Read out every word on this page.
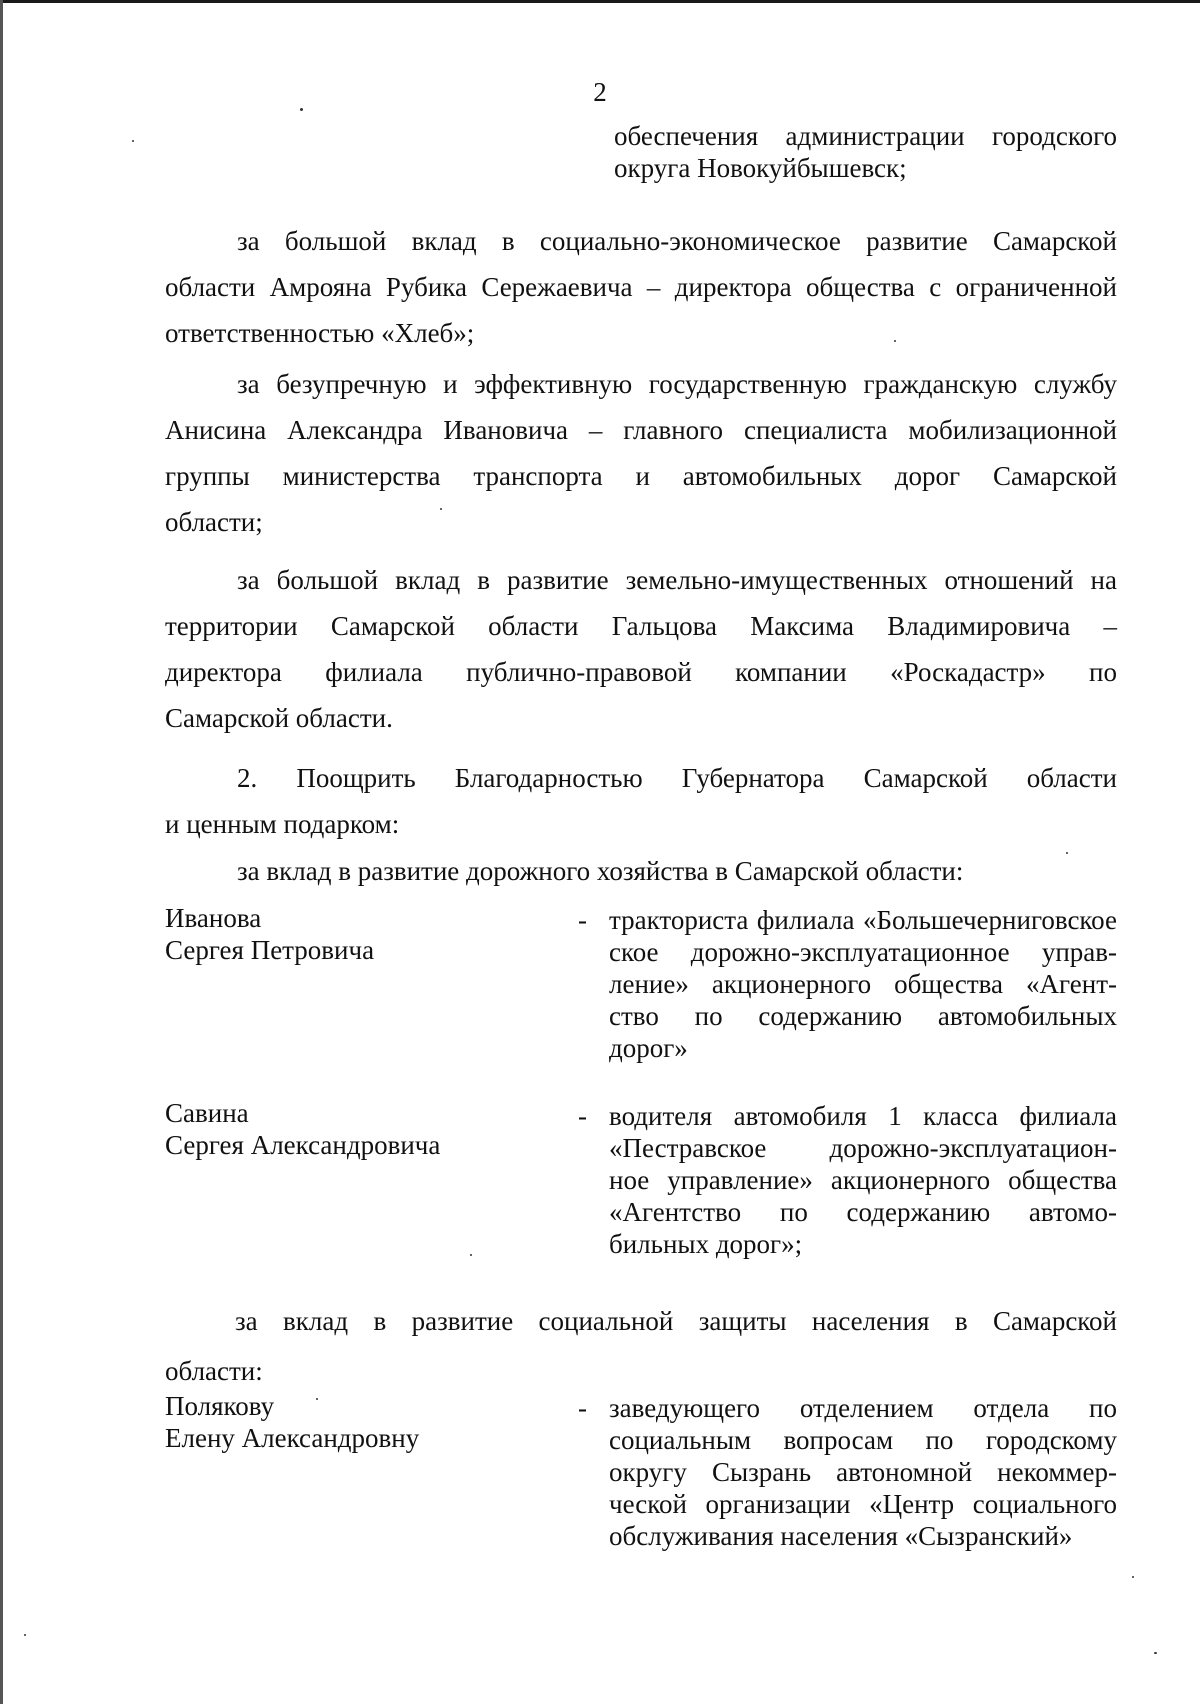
2
обеспечения администрации городского
округа Новокуйбышевск;
за большой вклад в социально-экономическое развитие Самарской
области Амрояна Рубика Сережаевича – директора общества с ограниченной
ответственностью «Хлеб»;
за безупречную и эффективную государственную гражданскую службу
Анисина Александра Ивановича – главного специалиста мобилизационной
группы министерства транспорта и автомобильных дорог Самарской
области;
за большой вклад в развитие земельно-имущественных отношений на
территории Самарской области Гальцова Максима Владимировича –
директора филиала публично-правовой компании «Роскадастр» по
Самарской области.
2. Поощрить Благодарностью Губернатора Самарской области
и ценным подарком:
за вклад в развитие дорожного хозяйства в Самарской области:
Иванова
Сергея Петровича
- тракториста филиала «Большечерниговское
ское дорожно-эксплуатационное управ-
ление» акционерного общества «Агент-
ство по содержанию автомобильных
дорог»
Савина
Сергея Александровича
- водителя автомобиля 1 класса филиала
«Пестравское дорожно-эксплуатацион-
ное управление» акционерного общества
«Агентство по содержанию автомо-
бильных дорог»;
за вклад в развитие социальной защиты населения в Самарской
области:
Полякову
Елену Александровну
- заведующего отделением отдела по
социальным вопросам по городскому
округу Сызрань автономной некоммер-
ческой организации «Центр социального
обслуживания населения «Сызранский»
